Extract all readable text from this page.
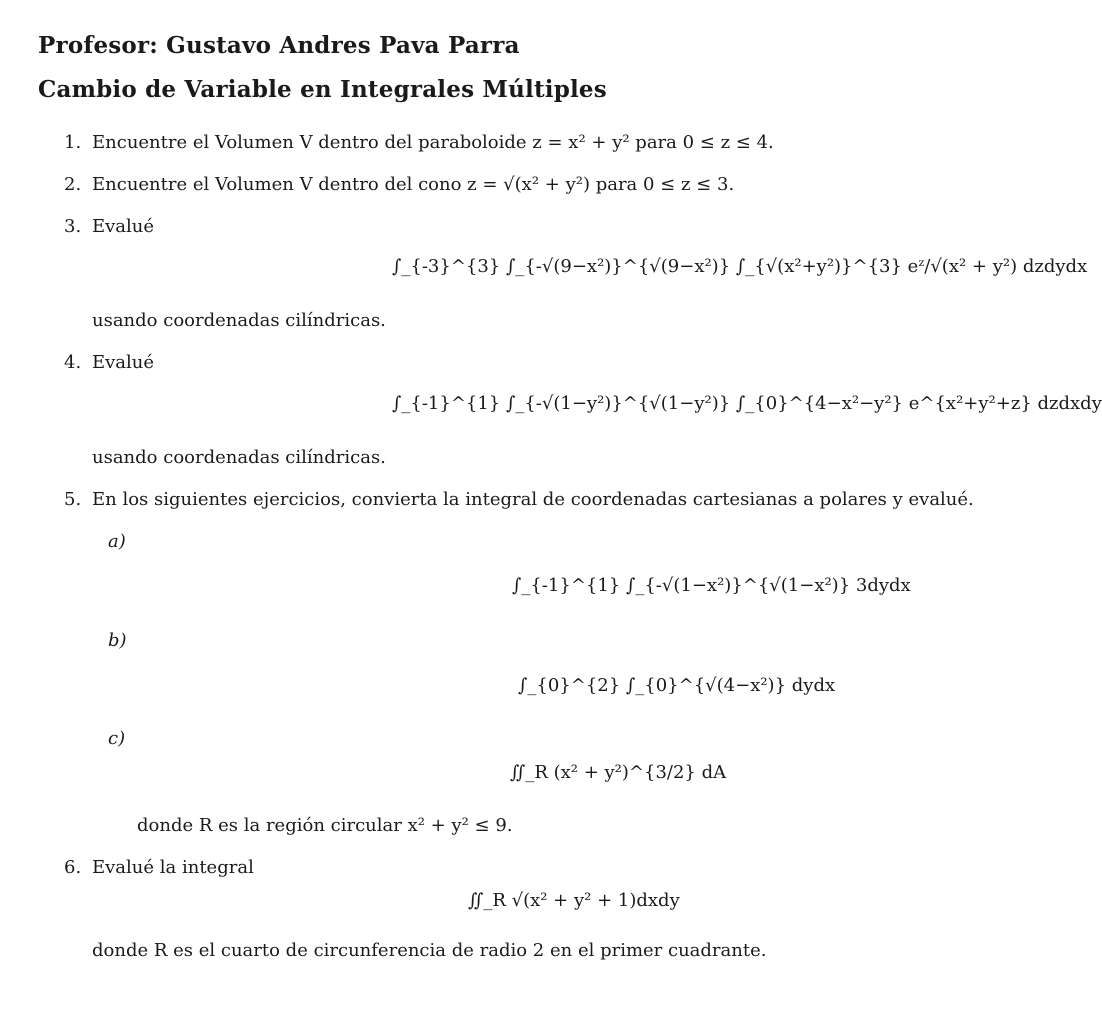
Profesor: Gustavo Andres Pava Parra
Cambio de Variable en Integrales Múltiples
1. Encuentre el Volumen V dentro del paraboloide z = x² + y² para 0 ≤ z ≤ 4.
2. Encuentre el Volumen V dentro del cono z = √(x² + y²) para 0 ≤ z ≤ 3.
3. Evalué
∫_{-3}^{3} ∫_{-√(9−x²)}^{√(9−x²)} ∫_{√(x²+y²)}^{3} eᶻ/√(x² + y²) dzdydx
usando coordenadas cilíndricas.
4. Evalué
∫_{-1}^{1} ∫_{-√(1−y²)}^{√(1−y²)} ∫_{0}^{4−x²−y²} e^{x²+y²+z} dzdxdy
usando coordenadas cilíndricas.
5. En los siguientes ejercicios, convierta la integral de coordenadas cartesianas a polares y evalué.
a)
∫_{-1}^{1} ∫_{-√(1−x²)}^{√(1−x²)} 3dydx
b)
∫_{0}^{2} ∫_{0}^{√(4−x²)} dydx
c)
∬_R (x² + y²)^{3/2} dA
donde R es la región circular x² + y² ≤ 9.
6. Evalué la integral
∬_R √(x² + y² + 1)dxdy
donde R es el cuarto de circunferencia de radio 2 en el primer cuadrante.
